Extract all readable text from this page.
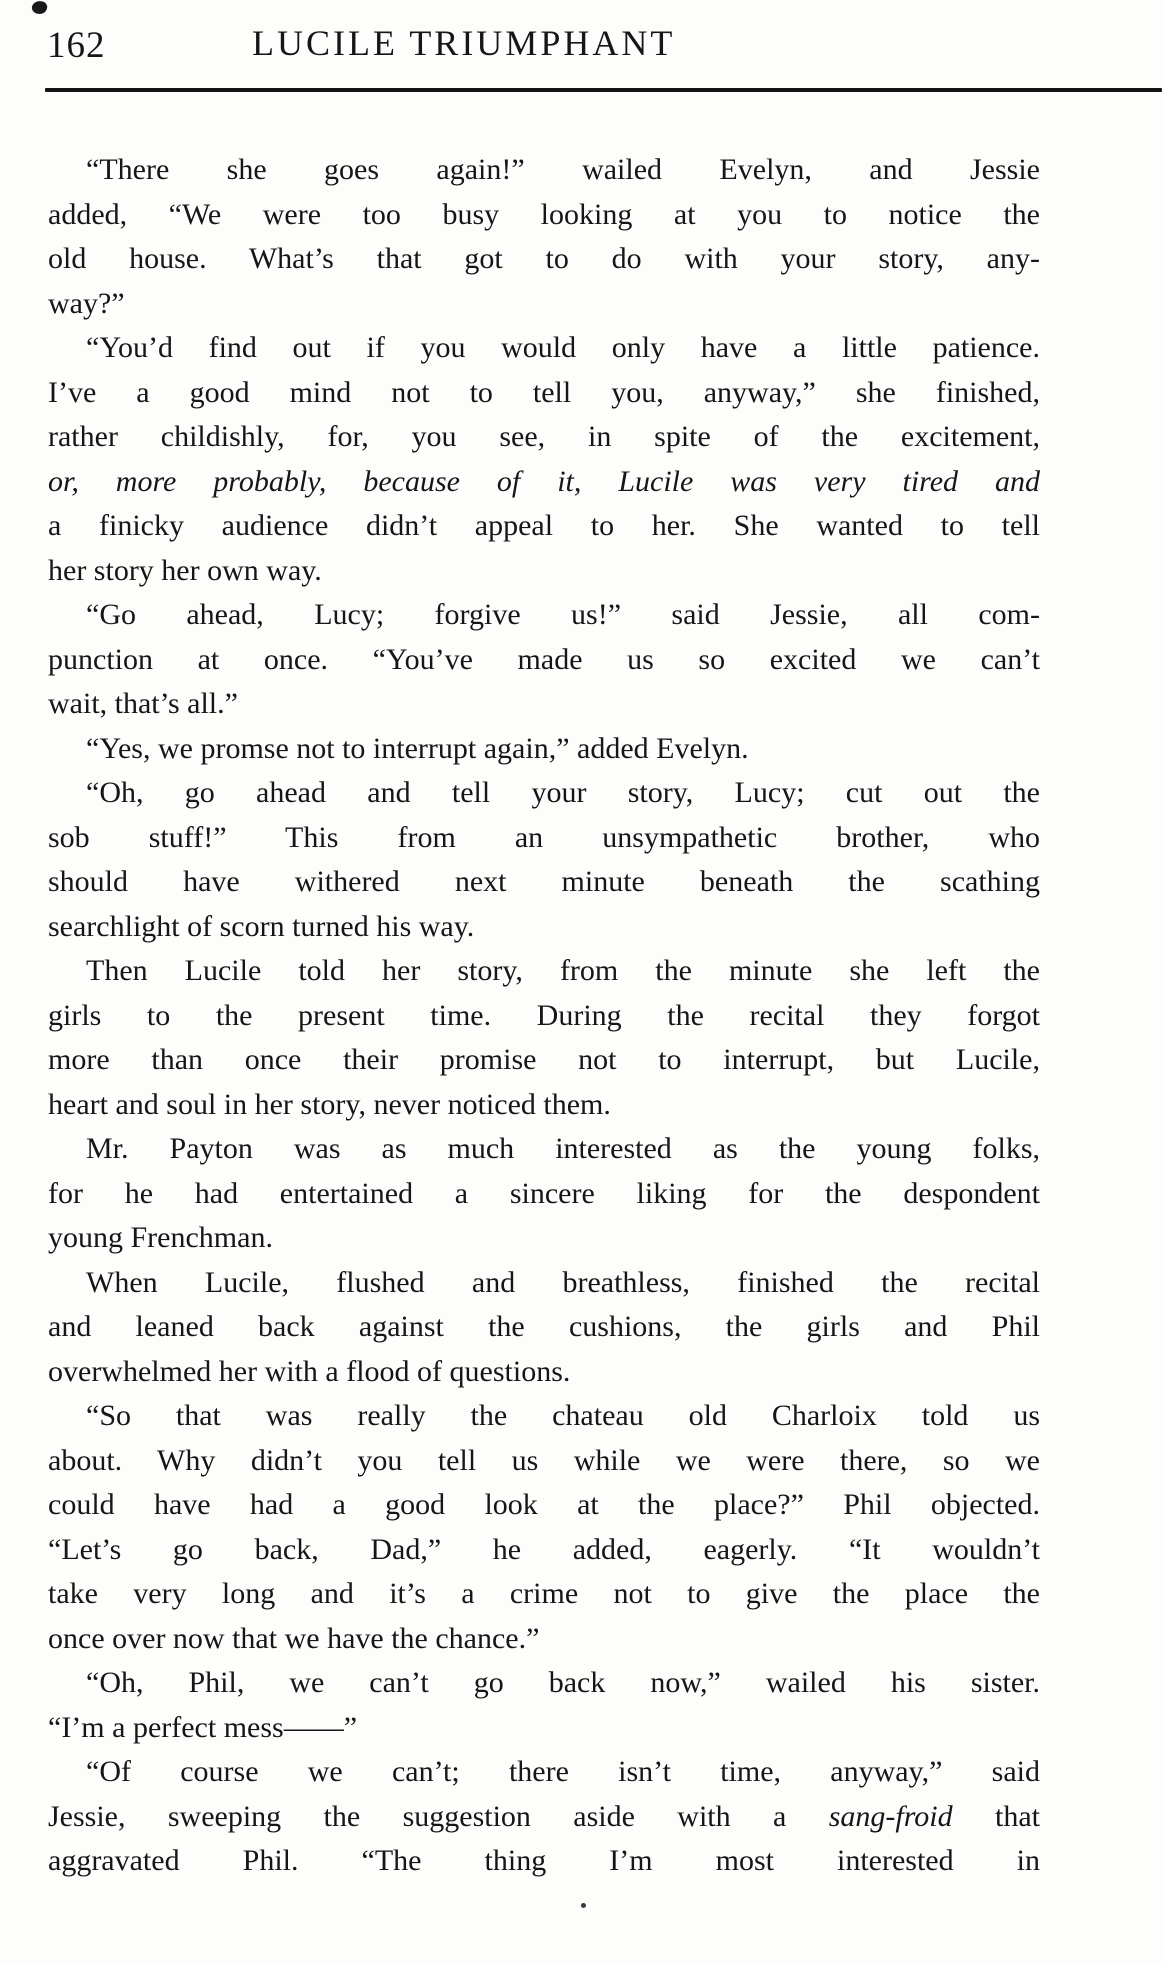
162	LUCILE TRIUMPHANT
“There she goes again!” wailed Evelyn, and Jessie
added, “We were too busy looking at you to notice the
old house. What’s that got to do with your story, any-
way?”
“You’d find out if you would only have a little patience.
I’ve a good mind not to tell you, anyway,” she finished,
rather childishly, for, you see, in spite of the excitement,
or, more probably, because of it, Lucile was very tired and
a finicky audience didn’t appeal to her. She wanted to tell
her story her own way.
“Go ahead, Lucy; forgive us!” said Jessie, all com-
punction at once. “You’ve made us so excited we can’t
wait, that’s all.”
“Yes, we promse not to interrupt again,” added Evelyn.
“Oh, go ahead and tell your story, Lucy; cut out the
sob stuff!” This from an unsympathetic brother, who
should have withered next minute beneath the scathing
searchlight of scorn turned his way.
Then Lucile told her story, from the minute she left the
girls to the present time. During the recital they forgot
more than once their promise not to interrupt, but Lucile,
heart and soul in her story, never noticed them.
Mr. Payton was as much interested as the young folks,
for he had entertained a sincere liking for the despondent
young Frenchman.
When Lucile, flushed and breathless, finished the recital
and leaned back against the cushions, the girls and Phil
overwhelmed her with a flood of questions.
“So that was really the chateau old Charloix told us
about. Why didn’t you tell us while we were there, so we
could have had a good look at the place?” Phil objected.
“Let’s go back, Dad,” he added, eagerly. “It wouldn’t
take very long and it’s a crime not to give the place the
once over now that we have the chance.”
“Oh, Phil, we can’t go back now,” wailed his sister.
“I’m a perfect mess——”
“Of course we can’t; there isn’t time, anyway,” said
Jessie, sweeping the suggestion aside with a sang-froid that
aggravated Phil. “The thing I’m most interested in
